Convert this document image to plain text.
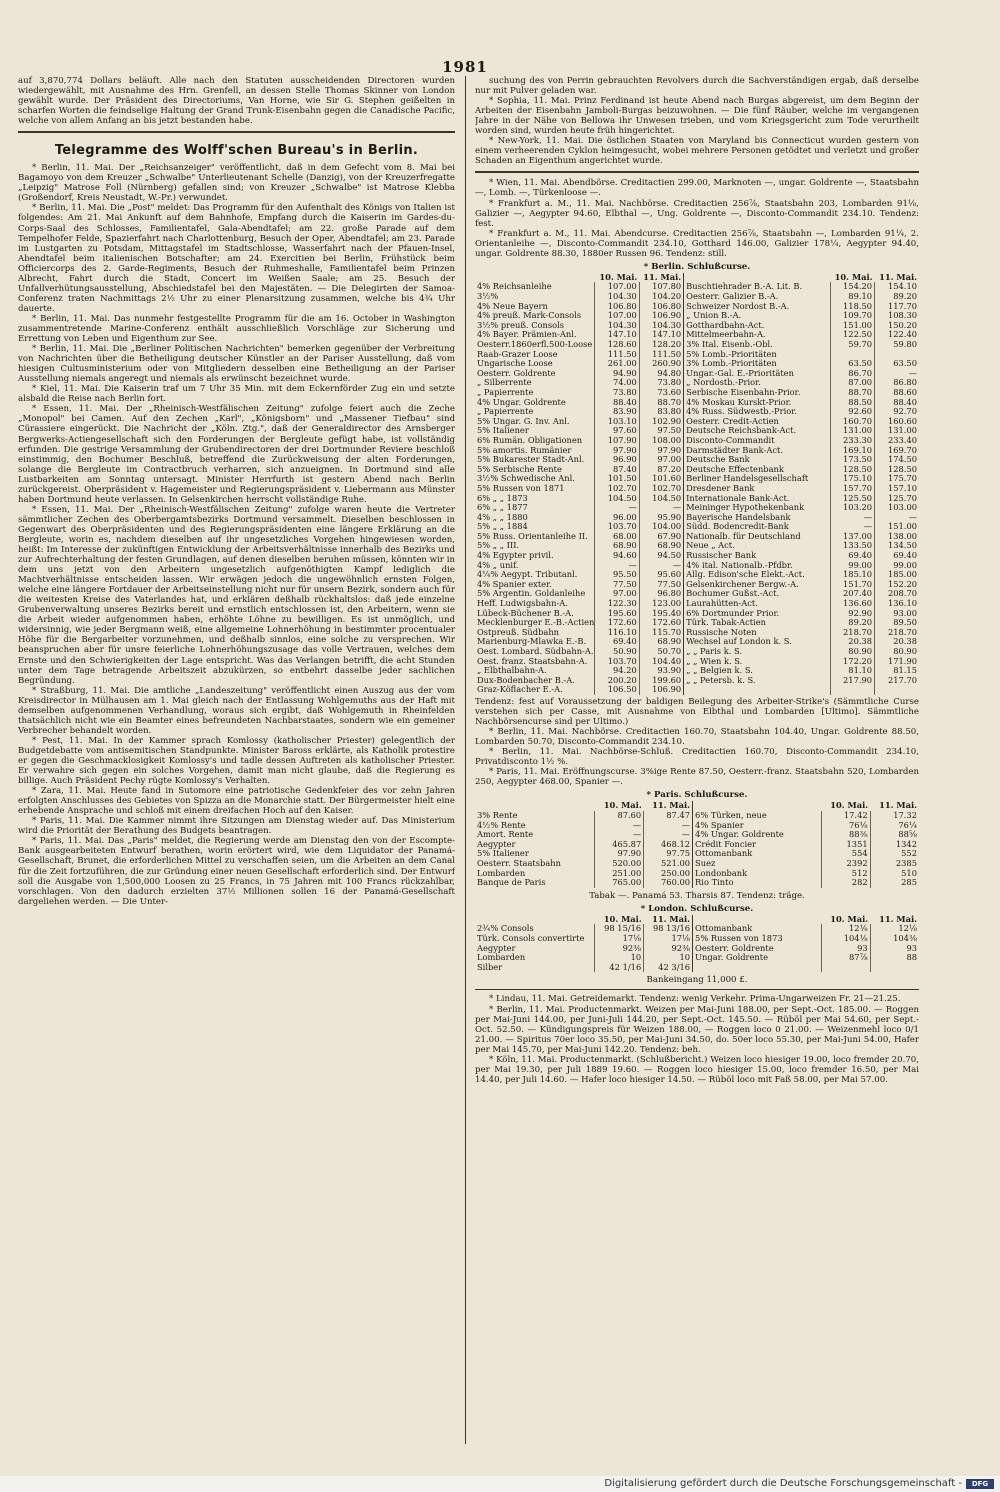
1981

auf 3,870,774 Dollars beläuft. Alle nach den Statuten ausscheidenden Directoren wurden wiedergewählt, mit Ausnahme des Hrn. Grenfell, an dessen Stelle Thomas Skinner von London gewählt wurde. Der Präsident des Directoriums, Van Horne, wie Sir G. Stephen geißelten in scharfen Worten die feindselige Haltung der Grand Trunk-Eisenbahn gegen die Canadische Pacific, welche von allem Anfang an bis jetzt bestanden habe.

Telegramme des Wolff'schen Bureau's in Berlin.

* Berlin, 11. Mai. Der „Reichsanzeiger" veröffentlicht, daß in dem Gefecht vom 8. Mai bei Bagamoyo von dem Kreuzer „Schwalbe" Unterlieutenant Schelle (Danzig), von der Kreuzerfregatte „Leipzig" Matrose Foll (Nürnberg) gefallen sind; von Kreuzer „Schwalbe" ist Matrose Klebba (Großendorf, Kreis Neustadt, W.-Pr.) verwundet.

* Berlin, 11. Mai. Die „Post" meldet: Das Programm für den Aufenthalt des Königs von Italien ist folgendes: Am 21. Mai Ankunft auf dem Bahnhofe, Empfang durch die Kaiserin im Gardes-du-Corps-Saal des Schlosses, Familientafel, Gala-Abendtafel; am 22. große Parade auf dem Tempelhofer Felde, Spazierfahrt nach Charlottenburg, Besuch der Oper, Abendtafel; am 23. Parade im Lustgarten zu Potsdam, Mittagstafel im Stadtschlosse, Wasserfahrt nach der Pfauen-Insel, Abendtafel beim italienischen Botschafter; am 24. Exercitien bei Berlin, Frühstück beim Officiercorps des 2. Garde-Regiments, Besuch der Ruhmeshalle, Familientafel beim Prinzen Albrecht, Fahrt durch die Stadt, Concert im Weißen Saale; am 25. Besuch der Unfallverhütungsausstellung, Abschiedstafel bei den Majestäten. — Die Delegirten der Samoa-Conferenz traten Nachmittags 2½ Uhr zu einer Plenarsitzung zusammen, welche bis 4¾ Uhr dauerte.

* Berlin, 11. Mai. Das nunmehr festgestellte Programm für die am 16. October in Washington zusammentretende Marine-Conferenz enthält ausschließlich Vorschläge zur Sicherung und Errettung von Leben und Eigenthum zur See.

* Berlin, 11. Mai. Die „Berliner Politischen Nachrichten" bemerken gegenüber der Verbreitung von Nachrichten über die Betheiligung deutscher Künstler an der Pariser Ausstellung, daß vom hiesigen Cultusministerium oder von Mitgliedern desselben eine Betheiligung an der Pariser Ausstellung niemals angeregt und niemals als erwünscht bezeichnet wurde.

* Kiel, 11. Mai. Die Kaiserin traf um 7 Uhr 35 Min. mit dem Eckernförder Zug ein und setzte alsbald die Reise nach Berlin fort.

* Essen, 11. Mai. Der „Rheinisch-Westfälischen Zeitung" zufolge feiert auch die Zeche „Monopol" bei Camen. Auf den Zechen „Karl", „Königsborn" und „Massener Tiefbau" sind Cürassiere eingerückt. Die Nachricht der „Köln. Ztg.", daß der Generaldirector des Arnsberger Bergwerks-Actiengesellschaft sich den Forderungen der Bergleute gefügt habe, ist vollständig erfunden. Die gestrige Versammlung der Grubendirectoren der drei Dortmunder Reviere beschloß einstimmig, den Bochumer Beschluß, betreffend die Zurückweisung der alten Forderungen, solange die Bergleute im Contractbruch verharren, sich anzueignen. In Dortmund sind alle Lustbarkeiten am Sonntag untersagt. Minister Herrfurth ist gestern Abend nach Berlin zurückgereist. Oberpräsident v. Hagemeister und Regierungspräsident v. Liebermann aus Münster haben Dortmund heute verlassen. In Gelsenkirchen herrscht vollständige Ruhe.

* Essen, 11. Mai. Der „Rheinisch-Westfälischen Zeitung" zufolge waren heute die Vertreter sämmtlicher Zechen des Oberbergamtsbezirks Dortmund versammelt. Dieselben beschlossen in Gegenwart des Oberpräsidenten und des Regierungspräsidenten eine längere Erklärung an die Bergleute, worin es, nachdem dieselben auf ihr ungesetzliches Vorgehen hingewiesen worden, heißt: Im Interesse der zukünftigen Entwicklung der Arbeitsverhältnisse innerhalb des Bezirks und zur Aufrechterhaltung der festen Grundlagen, auf denen dieselben beruhen müssen, könnten wir in dem uns jetzt von den Arbeitern ungesetzlich aufgenöthigten Kampf lediglich die Machtverhältnisse entscheiden lassen. Wir erwägen jedoch die ungewöhnlich ernsten Folgen, welche eine längere Fortdauer der Arbeitseinstellung nicht nur für unsern Bezirk, sondern auch für die weitesten Kreise des Vaterlandes hat, und erklären deßhalb rückhaltslos: daß jede einzelne Grubenverwaltung unseres Bezirks bereit und ernstlich entschlossen ist, den Arbeitern, wenn sie die Arbeit wieder aufgenommen haben, erhöhte Löhne zu bewilligen. Es ist unmöglich, und widersinnig, wie jeder Bergmann weiß, eine allgemeine Lohnerhöhung in bestimmter procentualer Höhe für die Bergarbeiter vorzunehmen, und deßhalb sinnlos, eine solche zu versprechen. Wir beanspruchen aber für unsre feierliche Lohnerhöhungszusage das volle Vertrauen, welches dem Ernste und den Schwierigkeiten der Lage entspricht. Was das Verlangen betrifft, die acht Stunden unter dem Tage betragende Arbeitszeit abzukürzen, so entbehrt dasselbe jeder sachlichen Begründung.

* Straßburg, 11. Mai. Die amtliche „Landeszeitung" veröffentlicht einen Auszug aus der vom Kreisdirector in Mülhausen am 1. Mai gleich nach der Entlassung Wohlgemuths aus der Haft mit demselben aufgenommenen Verhandlung, woraus sich ergibt, daß Wohlgemuth in Rheinfelden thatsächlich nicht wie ein Beamter eines befreundeten Nachbarstaates, sondern wie ein gemeiner Verbrecher behandelt worden.

* Pest, 11. Mai. In der Kammer sprach Komlossy (katholischer Priester) gelegentlich der Budgetdebatte vom antisemitischen Standpunkte. Minister Baross erklärte, als Katholik protestire er gegen die Geschmacklosigkeit Komlossy's und tadle dessen Auftreten als katholischer Priester. Er verwahre sich gegen ein solches Vorgehen, damit man nicht glaube, daß die Regierung es billige. Auch Präsident Pechy rügte Komlossy's Verhalten.

* Zara, 11. Mai. Heute fand in Sutomore eine patriotische Gedenkfeier des vor zehn Jahren erfolgten Anschlusses des Gebietes von Spizza an die Monarchie statt. Der Bürgermeister hielt eine erhebende Ansprache und schloß mit einem dreifachen Hoch auf den Kaiser.

* Paris, 11. Mai. Die Kammer nimmt ihre Sitzungen am Dienstag wieder auf. Das Ministerium wird die Priorität der Berathung des Budgets beantragen.

* Paris, 11. Mai. Das „Paris" meldet, die Regierung werde am Dienstag den von der Escompte-Bank ausgearbeiteten Entwurf berathen, worin erörtert wird, wie dem Liquidator der Panamá-Gesellschaft, Brunet, die erforderlichen Mittel zu verschaffen seien, um die Arbeiten an dem Canal für die Zeit fortzuführen, die zur Gründung einer neuen Gesellschaft erforderlich sind. Der Entwurf soll die Ausgabe von 1,500,000 Loosen zu 25 Francs, in 75 Jahren mit 100 Francs rückzahlbar, vorschlagen. Von den dadurch erzielten 37½ Millionen sollen 16 der Panamá-Gesellschaft dargeliehen werden. — Die Unter-

suchung des von Perrin gebrauchten Revolvers durch die Sachverständigen ergab, daß derselbe nur mit Pulver geladen war.

* Sophia, 11. Mai. Prinz Ferdinand ist heute Abend nach Burgas abgereist, um dem Beginn der Arbeiten der Eisenbahn Jamboli-Burgas beizuwohnen. — Die fünf Räuber, welche im vergangenen Jahre in der Nähe von Bellowa ihr Unwesen trieben, und vom Kriegsgericht zum Tode verurtheilt worden sind, wurden heute früh hingerichtet.

* New-York, 11. Mai. Die östlichen Staaten von Maryland bis Connecticut wurden gestern von einem verheerenden Cyklon heimgesucht, wobei mehrere Personen getödtet und verletzt und großer Schaden an Eigenthum angerichtet wurde.

* Wien, 11. Mai. Abendbörse. Creditactien 299.00, Marknoten —, ungar. Goldrente —, Staatsbahn —, Lomb. —, Türkenloose —.

* Frankfurt a. M., 11. Mai. Nachbörse. Creditactien 256⅞, Staatsbahn 203, Lombarden 91⅛, Galizier —, Aegypter 94.60, Elbthal —, Ung. Goldrente —, Disconto-Commandit 234.10. Tendenz: fest.

* Frankfurt a. M., 11. Mai. Abendcurse. Creditactien 256⅞, Staatsbahn —, Lombarden 91¼, 2. Orientanleihe —, Disconto-Commandit 234.10, Gotthard 146.00, Galizier 178¼, Aegypter 94.40, ungar. Goldrente 88.30, 1880er Russen 96. Tendenz: still.

* Berlin. Schlußcurse.
	10. Mai.	11. Mai.		10. Mai.	11. Mai.
4% Reichsanleihe	107.00	107.80	Buschtiehrader B.-A. Lit. B.	154.20	154.10
3½%	104.30	104.20	Oesterr. Galizier B.-A.	89.10	89.20
4% Neue Bayern	106.80	106.80	Schweizer Nordost B.-A.	118.50	117.70
4% preuß. Mark-Consols	107.00	106.90	„ Union B.-A.	109.70	108.30
3½% preuß. Consols	104.30	104.30	Gotthardbahn-Act.	151.00	150.20
4% Bayer. Prämien-Anl.	147.10	147.10	Mittelmeerbahn-A.	122.50	122.40
Oesterr.1860erfl.500-Loose	128.60	128.20	3% Ital. Eisenb.-Obl.	59.70	59.80
Raab-Grazer Loose	111.50	111.50	5% Lomb.-Prioritäten		
Ungarische Loose	261.00	260.90	3% Lomb.-Prioritäten	63.50	63.50
Oesterr. Goldrente	94.90	94.80	Ungar.-Gal. E.-Prioritäten	86.70	—
„ Silberrente	74.00	73.80	„ Nordostb.-Prior.	87.00	86.80
„ Papierrente	73.80	73.60	Serbische Eisenbahn-Prior.	88.70	88.60
4% Ungar. Goldrente	88.40	88.70	4% Moskau Kurskt-Prior.	88.50	88.40
„ Papierrente	83.90	83.80	4% Russ. Südwestb.-Prior.	92.60	92.70
5% Ungar. G. Inv. Anl.	103.10	102.90	Oesterr. Credit-Actien	160.70	160.60
5% Italiener	97.60	97.50	Deutsche Reichsbank-Act.	131.00	131.00
6% Rumän. Obligationen	107.90	108.00	Disconto-Commandit	233.30	233.40
5% amortis. Rumänier	97.90	97.90	Darmstädter Bank-Act.	169.10	169.70
5% Bukarester Stadt-Anl.	96.90	97.00	Deutsche Bank	173.50	174.50
5% Serbische Rente	87.40	87.20	Deutsche Effectenbank	128.50	128.50
3½% Schwedische Anl.	101.50	101.60	Berliner Handelsgesellschaft	175.10	175.70
5% Russen von 1871	102.70	102.70	Dresdener Bank	157.70	157.10
6% „ „ 1873	104.50	104.50	Internationale Bank-Act.	125.50	125.70
6% „ „ 1877	—	—	Meininger Hypothekenbank	103.20	103.00
4% „ „ 1880	96.00	95.90	Bayerische Handelsbank	—	—
5% „ „ 1884	103.70	104.00	Südd. Bodencredit-Bank	—	151.00
5% Russ. Orientanleihe II.	68.00	67.90	Nationalb. für Deutschland	137.00	138.00
5% „ „ III.	68.90	68.90	Neue „ Act.	133.50	134.50
4% Egypter privil.	94.60	94.50	Russischer Bank	69.40	69.40
4% „ unif.	—	—	4% ital. Nationalb.-Pfdbr.	99.00	99.00
4¼% Aegypt. Tributanl.	95.50	95.60	Allg. Edison'sche Elekt.-Act.	185.10	185.00
4% Spanier exter.	77.50	77.50	Gelsenkirchener Bergw.-A.	151.70	152.20
5% Argentin. Goldanleihe	97.00	96.80	Bochumer Gußst.-Act.	207.40	208.70
Heff. Ludwigsbahn-A.	122.30	123.00	Laurahütten-Act.	136.60	136.10
Lübeck-Büchener B.-A.	195.60	195.40	6% Dortmunder Prior.	92.90	93.00
Mecklenburger E.-B.-Actien	172.60	172.60	Türk. Tabak-Actien	89.20	89.50
Ostpreuß. Südbahn	116.10	115.70	Russische Noten	218.70	218.70
Marienburg-Mlawka E.-B.	69.40	68.90	Wechsel auf London k. S.	20.38	20.38
Oest. Lombard. Südbahn-A.	50.90	50.70	„ „ Paris k. S.	80.90	80.90
Oest. franz. Staatsbahn-A.	103.70	104.40	„ „ Wien k. S.	172.20	171.90
„ Elbthalbahn-A.	94.20	93.90	„ „ Belgien k. S.	81.10	81.15
Dux-Bodenbacher B.-A.	200.20	199.60	„ „ Petersb. k. S.	217.90	217.70
Graz-Köflacher E.-A.	106.50	106.90			

Tendenz: fest auf Voraussetzung der baldigen Beilegung des Arbeiter-Strike's (Sämmtliche Curse verstehen sich per Casse, mit Ausnahme von Elbthal und Lombarden [Ultimo]. Sämmtliche Nachbörsencurse sind per Ultimo.)

* Berlin, 11. Mai. Nachbörse. Creditactien 160.70, Staatsbahn 104.40, Ungar. Goldrente 88.50, Lombarden 50.70, Disconto-Commandit 234.10.

* Berlin, 11. Mai. Nachbörse-Schluß. Creditactien 160.70, Disconto-Commandit 234.10, Privatdisconto 1½ %.

* Paris, 11. Mai. Eröffnungscurse. 3%ige Rente 87.50, Oesterr.-franz. Staatsbahn 520, Lombarden 250, Aegypter 468.00, Spanier —.

* Paris. Schlußcurse.
	10. Mai.	11. Mai.		10. Mai.	11. Mai.
3% Rente	87.60	87.47	6% Türken, neue	17.42	17.32
4½% Rente	—	—	4% Spanier	76⅛	76¼
Amort. Rente	—	—	4% Ungar. Goldrente	88⅜	88⅝
Aegypter	465.87	468.12	Crédit Foncier	1351	1342
5% Italiener	97.90	97.75	Ottomanbank	554	552
Oesterr. Staatsbahn	520.00	521.00	Suez	2392	2385
Lombarden	251.00	250.00	Londonbank	512	510
Banque de Paris	765.00	760.00	Rio Tinto	282	285
Tabak —. Panamá 53. Tharsis 87. Tendenz: träge.
* London. Schlußcurse.
	10. Mai.	11. Mai.		10. Mai.	11. Mai.
2¾% Consols	98 15/16	98 13/16	Ottomanbank	12⅛	12⅛
Türk. Consols convertirte	17⅛	17⅛	5% Russen von 1873	104⅛	104⅜
Aegypter	92⅜	92⅜	Oesterr. Goldrente	93	93
Lombarden	10	10	Ungar. Goldrente	87⅞	88
Silber	42 1/16	42 3/16			
Bankeingang 11,000 £.

* Lindau, 11. Mai. Getreidemarkt. Tendenz: wenig Verkehr. Prima-Ungarweizen Fr. 21—21.25.

* Berlin, 11. Mai. Productenmarkt. Weizen per Mai-Juni 188.00, per Sept.-Oct. 185.00. — Roggen per Mai-Juni 144.00, per Juni-Juli 144.20, per Sept.-Oct. 145.50. — Rüböl per Mai 54.60, per Sept.-Oct. 52.50. — Kündigungspreis für Weizen 188.00, — Roggen loco 0 21.00. — Weizenmehl loco 0/1 21.00. — Spiritus 70er loco 35.50, per Mai-Juni 34.50, do. 50er loco 55.30, per Mai-Juni 54.00, Hafer per Mai 145.70, per Mai-Juni 142.20. Tendenz: beh.

* Köln, 11. Mai. Productenmarkt. (Schlußbericht.) Weizen loco hiesiger 19.00, loco fremder 20.70, per Mai 19.30, per Juli 1889 19.60. — Roggen loco hiesiger 15.00, loco fremder 16.50, per Mai 14.40, per Juli 14.60. — Hafer loco hiesiger 14.50. — Rüböl loco mit Faß 58.00, per Mai 57.00.

Digitalisierung gefördert durch die Deutsche Forschungsgemeinschaft -	DFG
